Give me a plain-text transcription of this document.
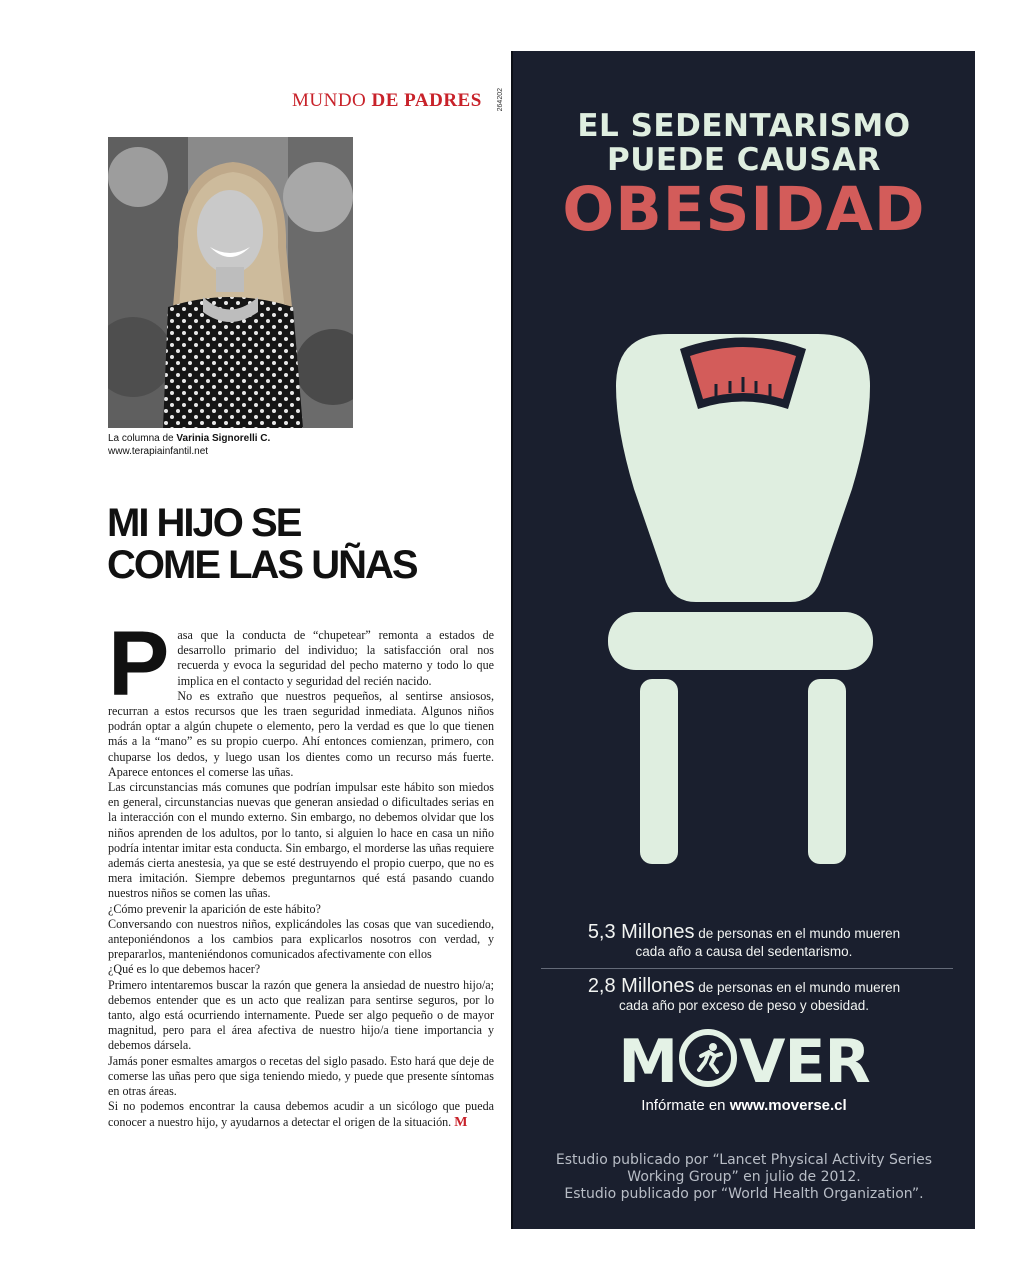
MUNDO DE PADRES 264202
La columna de Varinia Signorelli C.
www.terapiainfantil.net
MI HIJO SE
COME LAS UÑAS

Pasa que la conducta de “chupetear” remonta a estados de desarrollo primario del individuo; la satisfacción oral nos recuerda y evoca la seguridad del pecho materno y todo lo que implica en el contacto y seguridad del recién nacido.

No es extraño que nuestros pequeños, al sentirse ansiosos, recurran a estos recursos que les traen seguridad inmediata. Algunos niños podrán optar a algún chupete o elemento, pero la verdad es que lo que tienen más a la “mano” es su propio cuerpo. Ahí entonces comienzan, primero, con chuparse los dedos, y luego usan los dientes como un recurso más fuerte. Aparece entonces el comerse las uñas.

Las circunstancias más comunes que podrían impulsar este hábito son miedos en general, circunstancias nuevas que generan ansiedad o dificultades serias en la interacción con el mundo externo. Sin embargo, no debemos olvidar que los niños aprenden de los adultos, por lo tanto, si alguien lo hace en casa un niño podría intentar imitar esta conducta. Sin embargo, el morderse las uñas requiere además cierta anestesia, ya que se esté destruyendo el propio cuerpo, que no es mera imitación. Siempre debemos preguntarnos qué está pasando cuando nuestros niños se comen las uñas.

¿Cómo prevenir la aparición de este hábito?

Conversando con nuestros niños, explicándoles las cosas que van sucediendo, anteponiéndonos a los cambios para explicarlos nosotros con verdad, y prepararlos, manteniéndonos comunicados afectivamente con ellos

¿Qué es lo que debemos hacer?

Primero intentaremos buscar la razón que genera la ansiedad de nuestro hijo/a; debemos entender que es un acto que realizan para sentirse seguros, por lo tanto, algo está ocurriendo internamente. Puede ser algo pequeño o de mayor magnitud, pero para el área afectiva de nuestro hijo/a tiene importancia y debemos dársela.

Jamás poner esmaltes amargos o recetas del siglo pasado. Esto hará que deje de comerse las uñas pero que siga teniendo miedo, y puede que presente síntomas en otras áreas.

Si no podemos encontrar la causa debemos acudir a un sicólogo que pueda conocer a nuestro hijo, y ayudarnos a detectar el origen de la situación. M

EL SEDENTARISMO
PUEDE CAUSAR
OBESIDAD
5,3 Millones de personas en el mundo mueren
cada año a causa del sedentarismo.
2,8 Millones de personas en el mundo mueren
cada año por exceso de peso y obesidad.
M VER
Infórmate en www.moverse.cl
Estudio publicado por “Lancet Physical Activity Series
Working Group” en julio de 2012.
Estudio publicado por “World Health Organization”.
